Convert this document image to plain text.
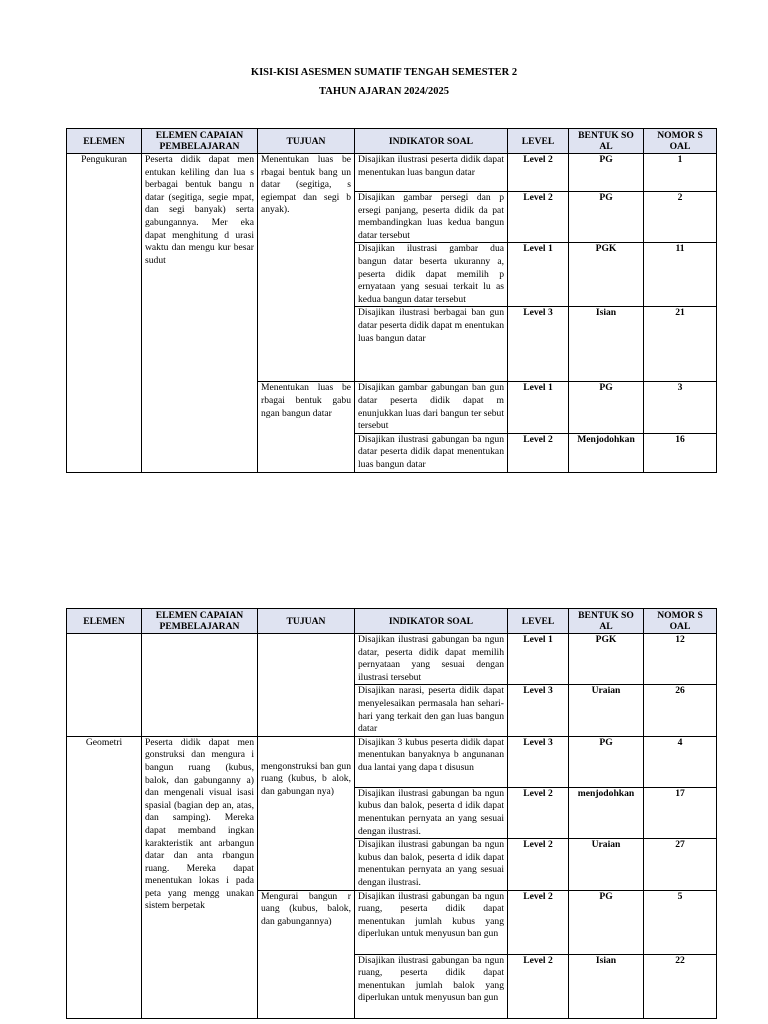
KISI-KISI ASESMEN SUMATIF TENGAH SEMESTER 2
TAHUN AJARAN 2024/2025
ELEMEN	ELEMEN CAPAIAN PEMBELAJARAN	TUJUAN	INDIKATOR SOAL	LEVEL	BENTUK SO AL	NOMOR S OAL
Pengukuran	Peserta didik dapat men entukan keliling dan lua s berbagai bentuk bangu n datar (segitiga, segie mpat, dan segi banyak) serta gabungannya. Mer eka dapat menghitung d urasi waktu dan mengu kur besar sudut	Menentukan luas be rbagai bentuk bang un datar (segitiga, s egiempat dan segi b anyak).	Disajikan ilustrasi peserta didik dapat menentukan luas bangun datar	Level 2	PG	1
			Disajikan gambar persegi dan p ersegi panjang, peserta didik da pat membandingkan luas kedua bangun datar tersebut	Level 2	PG	2
			Disajikan ilustrasi gambar dua bangun datar beserta ukuranny a, peserta didik dapat memilih p ernyataan yang sesuai terkait lu as kedua bangun datar tersebut	Level 1	PGK	11
			Disajikan ilustrasi berbagai ban gun datar peserta didik dapat m enentukan luas bangun datar	Level 3	Isian	21
		Menentukan luas be rbagai bentuk gabu ngan bangun datar	Disajikan gambar gabungan ban gun datar peserta didik dapat m enunjukkan luas dari bangun ter sebut tersebut	Level 1	PG	3
			Disajikan ilustrasi gabungan ba ngun datar peserta didik dapat menentukan luas bangun datar	Level 2	Menjodohkan	16
ELEMEN	ELEMEN CAPAIAN PEMBELAJARAN	TUJUAN	INDIKATOR SOAL	LEVEL	BENTUK SO AL	NOMOR S OAL
			Disajikan ilustrasi gabungan ba ngun datar, peserta didik dapat memilih pernyataan yang sesuai dengan ilustrasi tersebut	Level 1	PGK	12
			Disajikan narasi, peserta didik dapat menyelesaikan permasala han sehari-hari yang terkait den gan luas bangun datar	Level 3	Uraian	26
Geometri	Peserta didik dapat men gonstruksi dan mengura i bangun ruang (kubus, balok, dan gabunganny a) dan mengenali visual isasi spasial (bagian dep an, atas, dan samping). Mereka dapat memband ingkan karakteristik ant arbangun datar dan anta rbangun ruang. Mereka dapat menentukan lokas i pada peta yang mengg unakan sistem berpetak	mengonstruksi ban gun ruang (kubus, b alok, dan gabungan nya)	Disajikan 3 kubus peserta didik dapat menentukan banyaknya b angunanan dua lantai yang dapa t disusun	Level 3	PG	4
			Disajikan ilustrasi gabungan ba ngun kubus dan balok, peserta d idik dapat menentukan pernyata an yang sesuai dengan ilustrasi.	Level 2	menjodohkan	17
			Disajikan ilustrasi gabungan ba ngun kubus dan balok, peserta d idik dapat menentukan pernyata an yang sesuai dengan ilustrasi.	Level 2	Uraian	27
		Mengurai bangun r uang (kubus, balok, dan gabungannya)	Disajikan ilustrasi gabungan ba ngun ruang, peserta didik dapat menentukan jumlah kubus yang diperlukan untuk menyusun ban gun	Level 2	PG	5
			Disajikan ilustrasi gabungan ba ngun ruang, peserta didik dapat menentukan jumlah balok yang diperlukan untuk menyusun ban gun	Level 2	Isian	22
